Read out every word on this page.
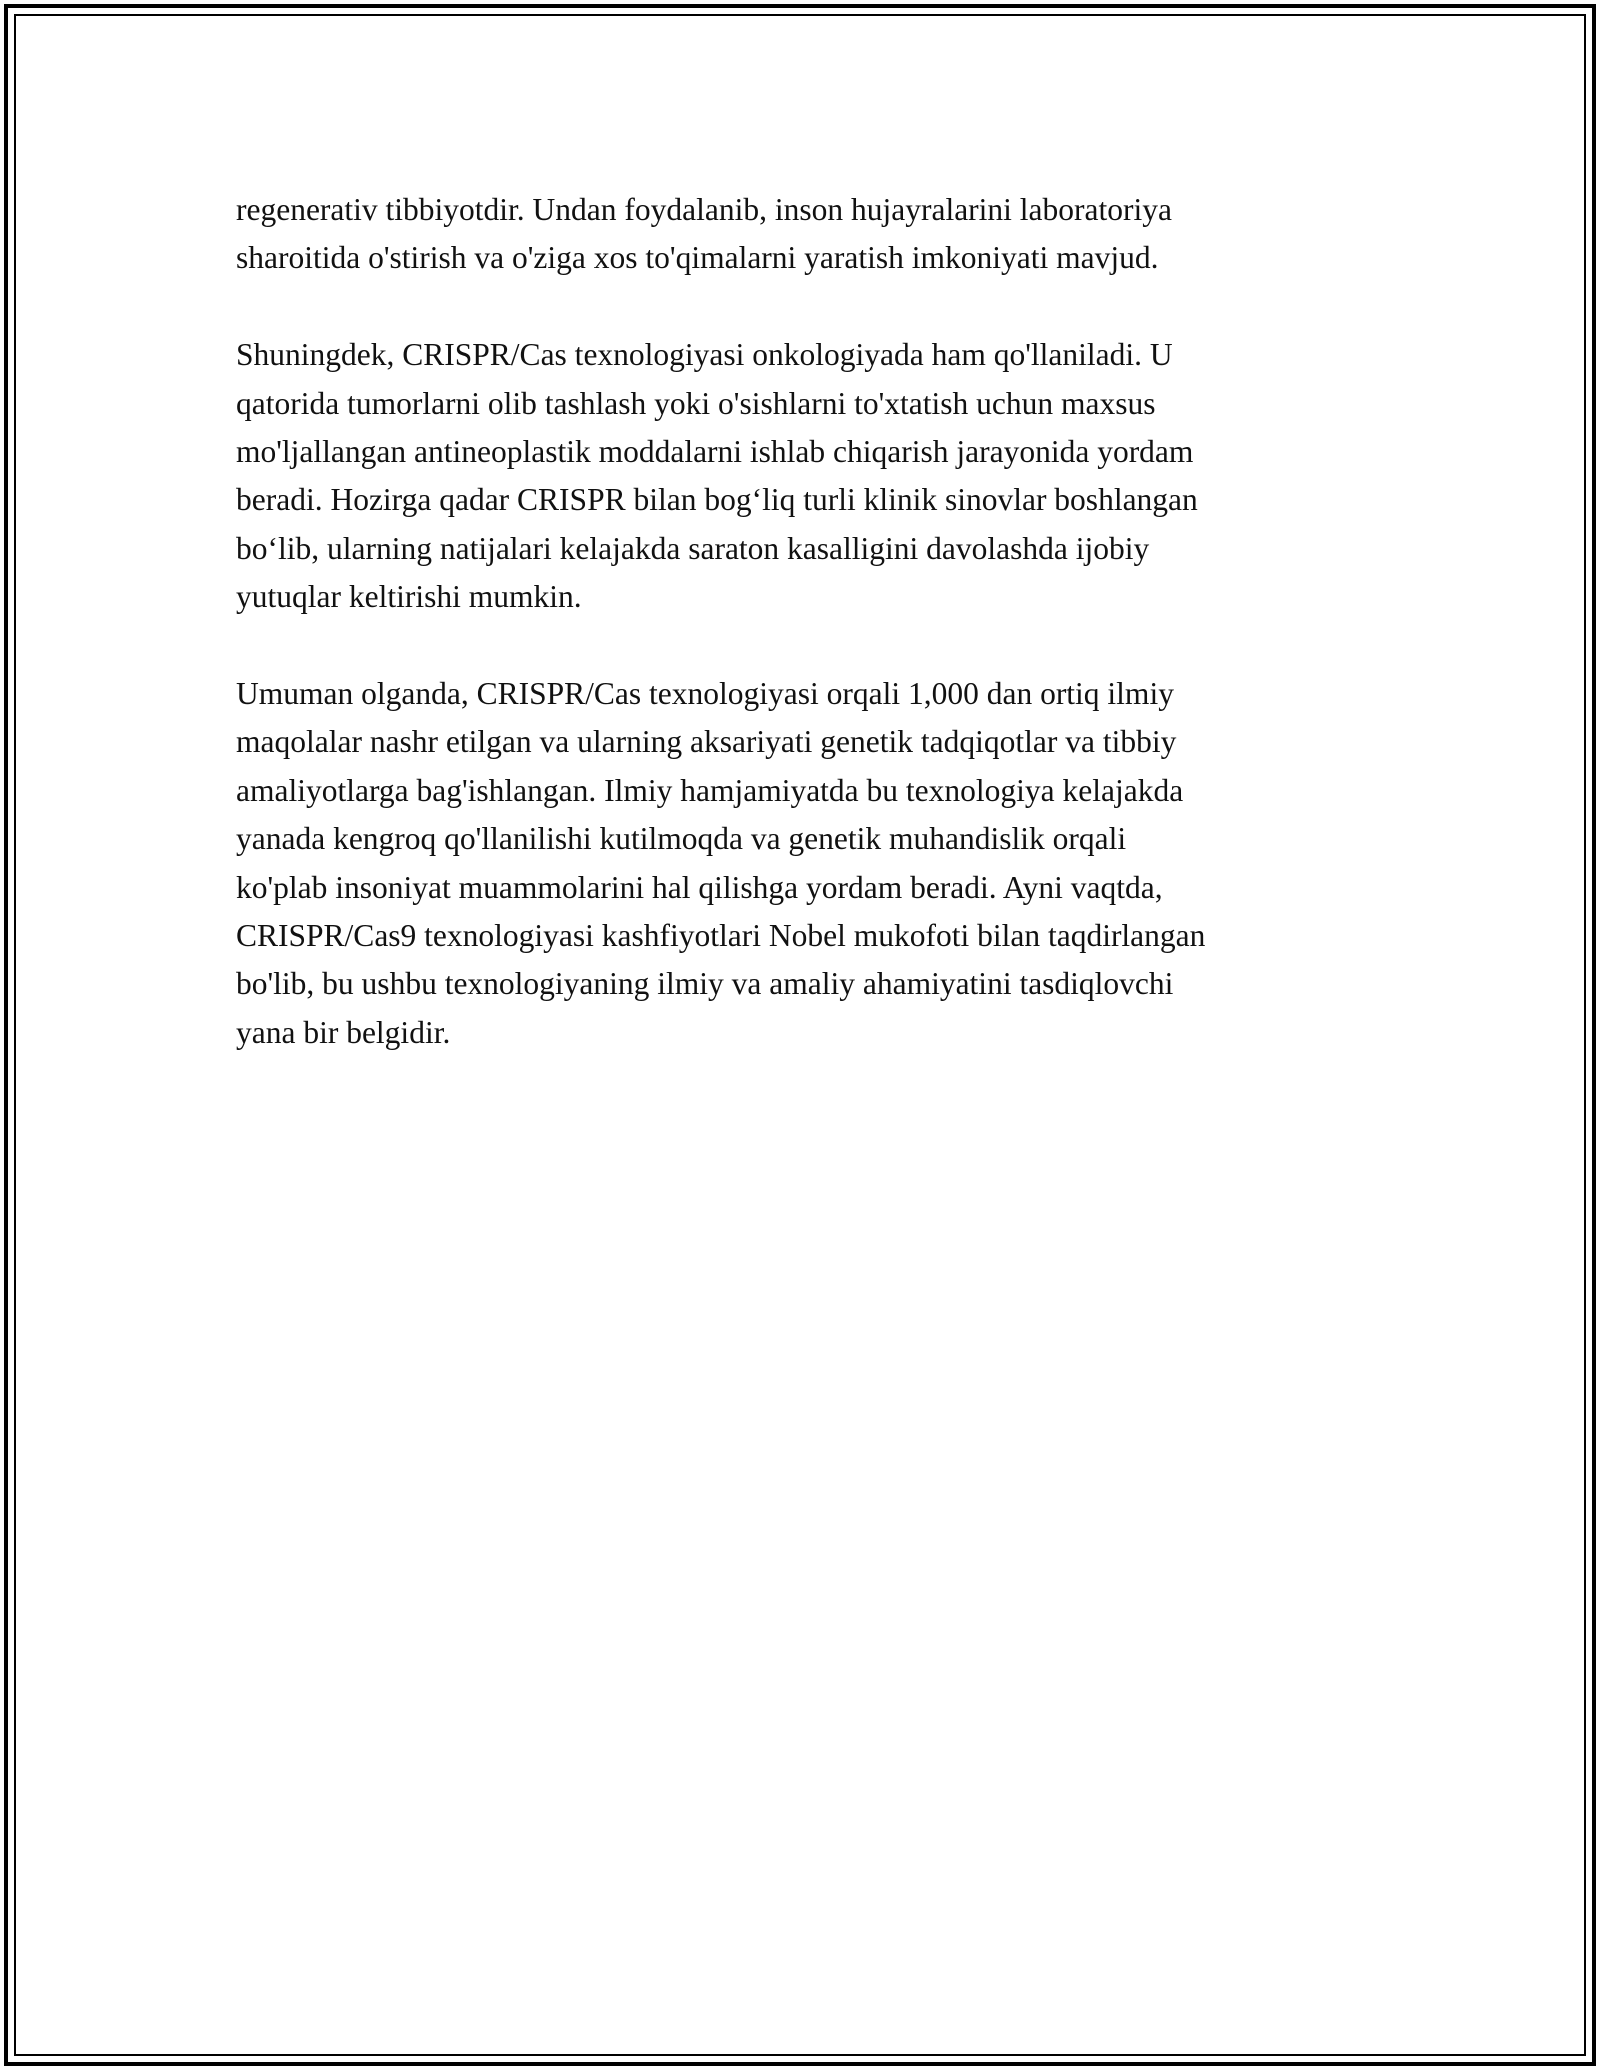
regenerativ tibbiyotdir. Undan foydalanib, inson hujayralarini laboratoriya
sharoitida o'stirish va o'ziga xos to'qimalarni yaratish imkoniyati mavjud.

Shuningdek, CRISPR/Cas texnologiyasi onkologiyada ham qo'llaniladi. U
qatorida tumorlarni olib tashlash yoki o'sishlarni to'xtatish uchun maxsus
mo'ljallangan antineoplastik moddalarni ishlab chiqarish jarayonida yordam
beradi. Hozirga qadar CRISPR bilan bog‘liq turli klinik sinovlar boshlangan
bo‘lib, ularning natijalari kelajakda saraton kasalligini davolashda ijobiy
yutuqlar keltirishi mumkin.

Umuman olganda, CRISPR/Cas texnologiyasi orqali 1,000 dan ortiq ilmiy
maqolalar nashr etilgan va ularning aksariyati genetik tadqiqotlar va tibbiy
amaliyotlarga bag'ishlangan. Ilmiy hamjamiyatda bu texnologiya kelajakda
yanada kengroq qo'llanilishi kutilmoqda va genetik muhandislik orqali
ko'plab insoniyat muammolarini hal qilishga yordam beradi. Ayni vaqtda,
CRISPR/Cas9 texnologiyasi kashfiyotlari Nobel mukofoti bilan taqdirlangan
bo'lib, bu ushbu texnologiyaning ilmiy va amaliy ahamiyatini tasdiqlovchi
yana bir belgidir.
